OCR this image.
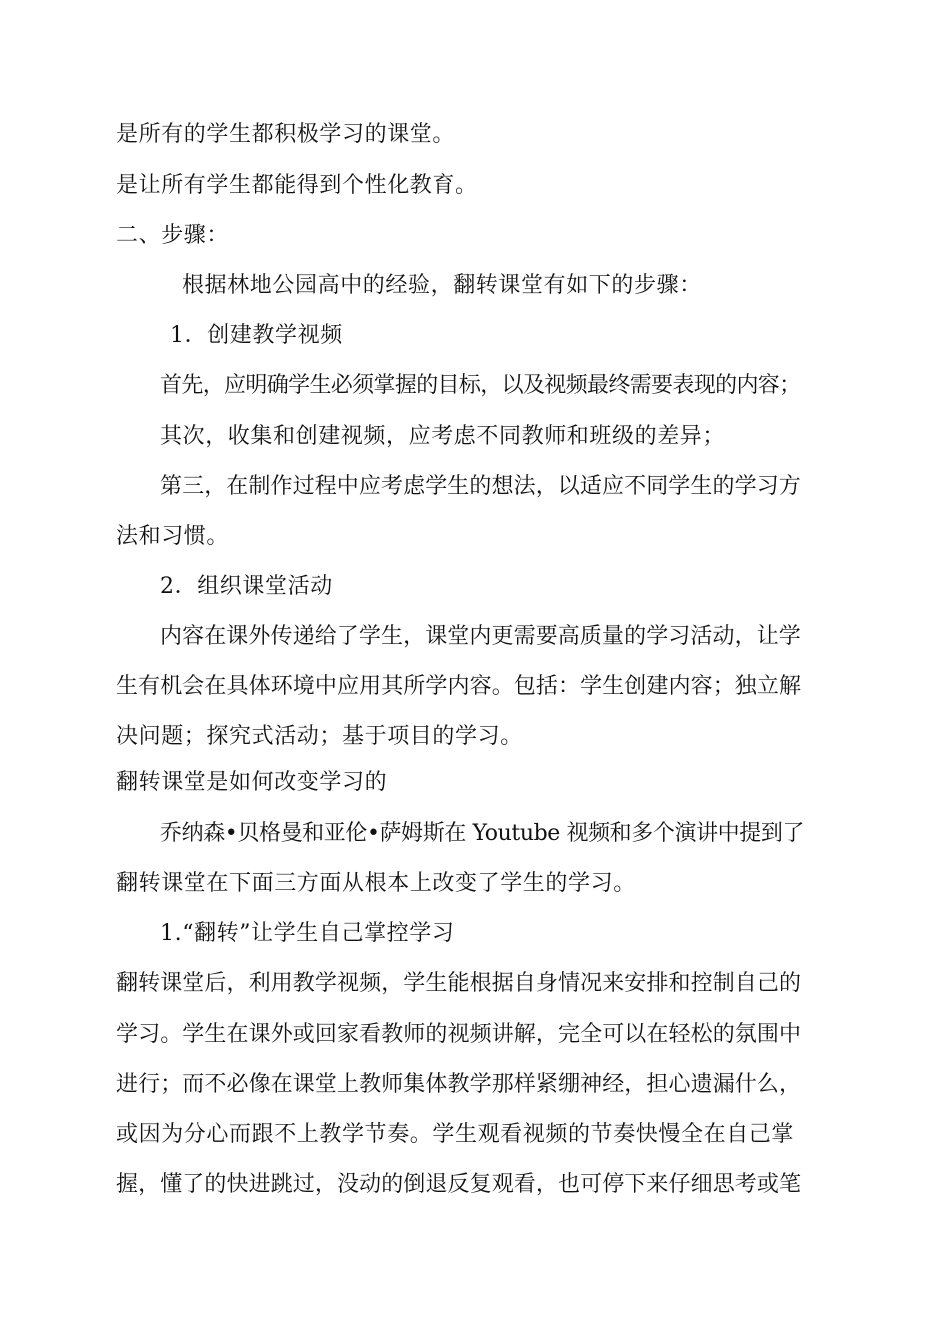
是所有的学生都积极学习的课堂。
是让所有学生都能得到个性化教育。
二、步骤：
根据林地公园高中的经验，翻转课堂有如下的步骤：
1．创建教学视频
首先，应明确学生必须掌握的目标，以及视频最终需要表现的内容；
其次，收集和创建视频，应考虑不同教师和班级的差异；
第三，在制作过程中应考虑学生的想法，以适应不同学生的学习方
法和习惯。
2．组织课堂活动
内容在课外传递给了学生，课堂内更需要高质量的学习活动，让学
生有机会在具体环境中应用其所学内容。包括：学生创建内容；独立解
决问题；探究式活动；基于项目的学习。
翻转课堂是如何改变学习的
乔纳森•贝格曼和亚伦•萨姆斯在 Youtube 视频和多个演讲中提到了
翻转课堂在下面三方面从根本上改变了学生的学习。
1.“翻转”让学生自己掌控学习
翻转课堂后，利用教学视频，学生能根据自身情况来安排和控制自己的
学习。学生在课外或回家看教师的视频讲解，完全可以在轻松的氛围中
进行；而不必像在课堂上教师集体教学那样紧绷神经，担心遗漏什么，
或因为分心而跟不上教学节奏。学生观看视频的节奏快慢全在自己掌
握，懂了的快进跳过，没动的倒退反复观看，也可停下来仔细思考或笔
